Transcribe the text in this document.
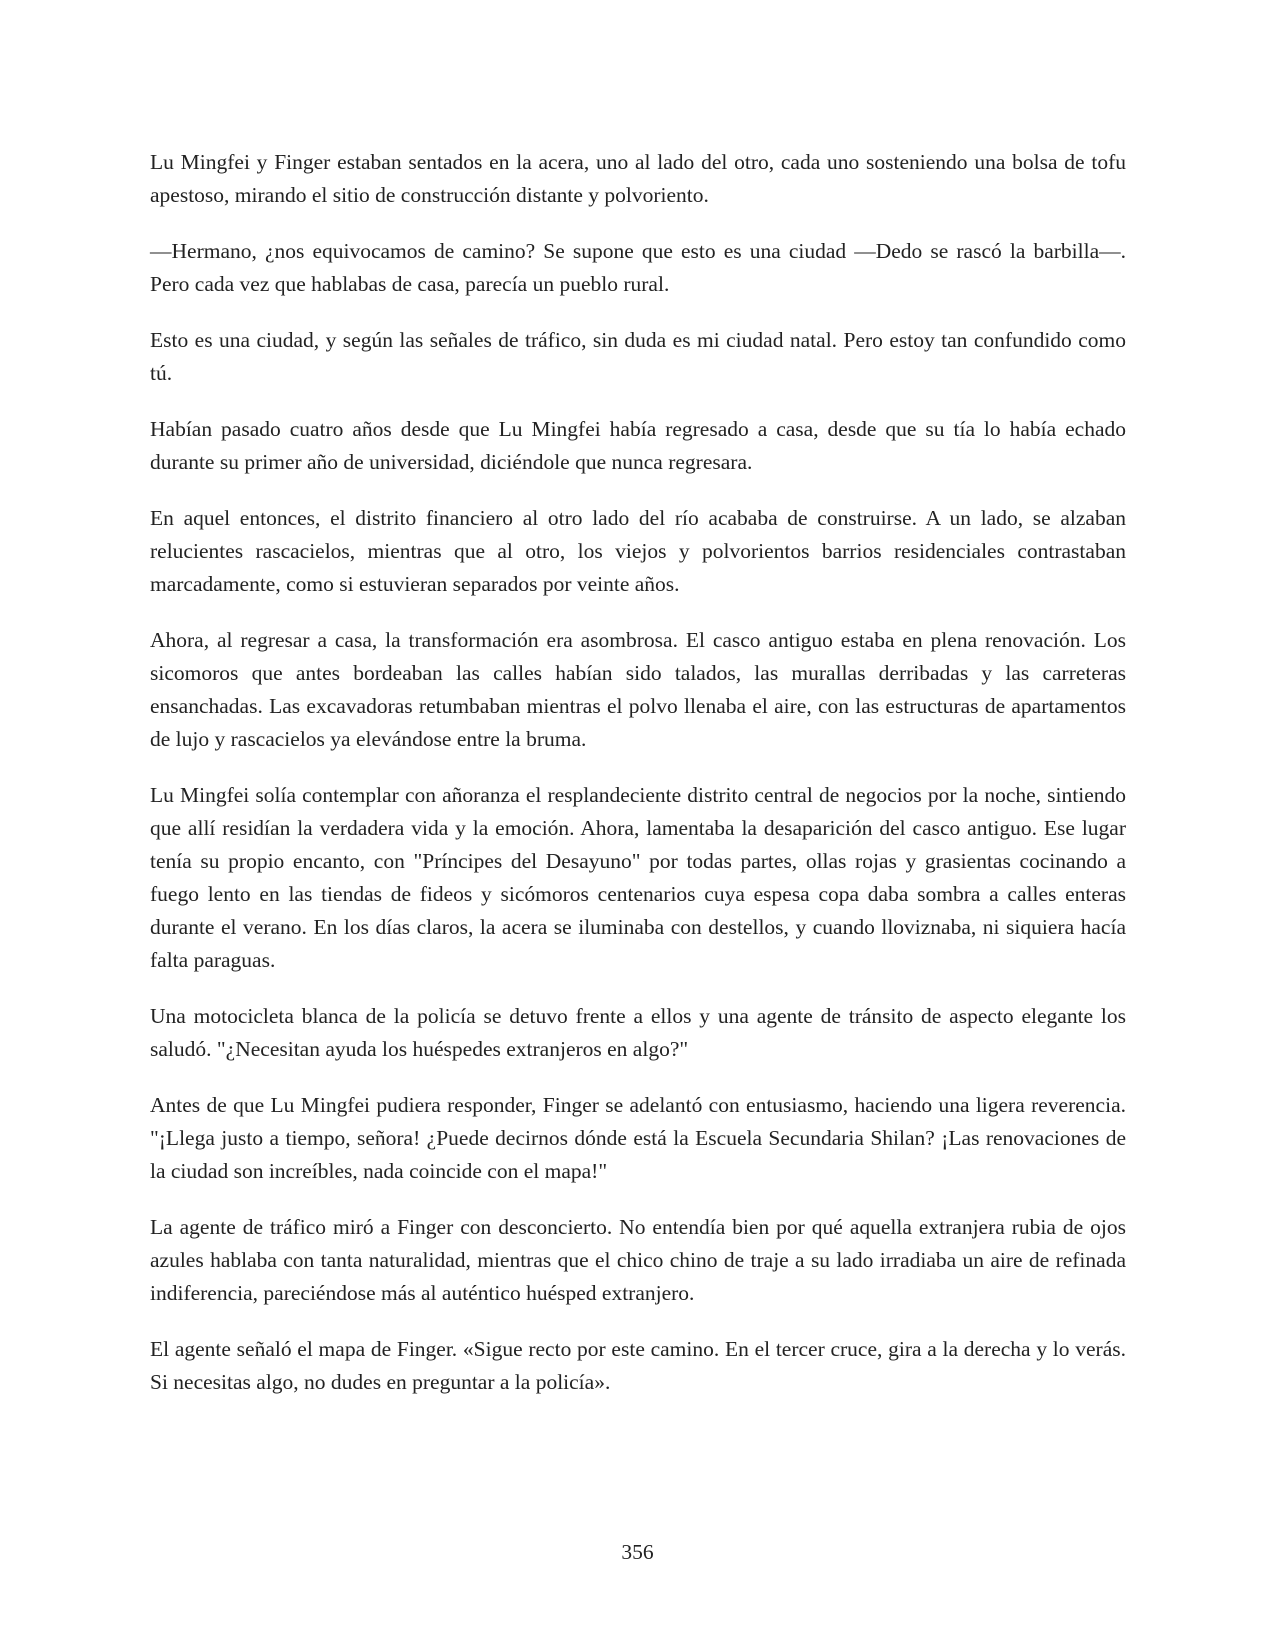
Lu Mingfei y Finger estaban sentados en la acera, uno al lado del otro, cada uno sosteniendo una bolsa de tofu apestoso, mirando el sitio de construcción distante y polvoriento.

—Hermano, ¿nos equivocamos de camino? Se supone que esto es una ciudad —Dedo se rascó la barbilla—. Pero cada vez que hablabas de casa, parecía un pueblo rural.

Esto es una ciudad, y según las señales de tráfico, sin duda es mi ciudad natal. Pero estoy tan confundido como tú.

Habían pasado cuatro años desde que Lu Mingfei había regresado a casa, desde que su tía lo había echado durante su primer año de universidad, diciéndole que nunca regresara.

En aquel entonces, el distrito financiero al otro lado del río acababa de construirse. A un lado, se alzaban relucientes rascacielos, mientras que al otro, los viejos y polvorientos barrios residenciales contrastaban marcadamente, como si estuvieran separados por veinte años.

Ahora, al regresar a casa, la transformación era asombrosa. El casco antiguo estaba en plena renovación. Los sicomoros que antes bordeaban las calles habían sido talados, las murallas derribadas y las carreteras ensanchadas. Las excavadoras retumbaban mientras el polvo llenaba el aire, con las estructuras de apartamentos de lujo y rascacielos ya elevándose entre la bruma.

Lu Mingfei solía contemplar con añoranza el resplandeciente distrito central de negocios por la noche, sintiendo que allí residían la verdadera vida y la emoción. Ahora, lamentaba la desaparición del casco antiguo. Ese lugar tenía su propio encanto, con "Príncipes del Desayuno" por todas partes, ollas rojas y grasientas cocinando a fuego lento en las tiendas de fideos y sicómoros centenarios cuya espesa copa daba sombra a calles enteras durante el verano. En los días claros, la acera se iluminaba con destellos, y cuando lloviznaba, ni siquiera hacía falta paraguas.

Una motocicleta blanca de la policía se detuvo frente a ellos y una agente de tránsito de aspecto elegante los saludó. "¿Necesitan ayuda los huéspedes extranjeros en algo?"

Antes de que Lu Mingfei pudiera responder, Finger se adelantó con entusiasmo, haciendo una ligera reverencia. "¡Llega justo a tiempo, señora! ¿Puede decirnos dónde está la Escuela Secundaria Shilan? ¡Las renovaciones de la ciudad son increíbles, nada coincide con el mapa!"

La agente de tráfico miró a Finger con desconcierto. No entendía bien por qué aquella extranjera rubia de ojos azules hablaba con tanta naturalidad, mientras que el chico chino de traje a su lado irradiaba un aire de refinada indiferencia, pareciéndose más al auténtico huésped extranjero.

El agente señaló el mapa de Finger. «Sigue recto por este camino. En el tercer cruce, gira a la derecha y lo verás. Si necesitas algo, no dudes en preguntar a la policía».

356
